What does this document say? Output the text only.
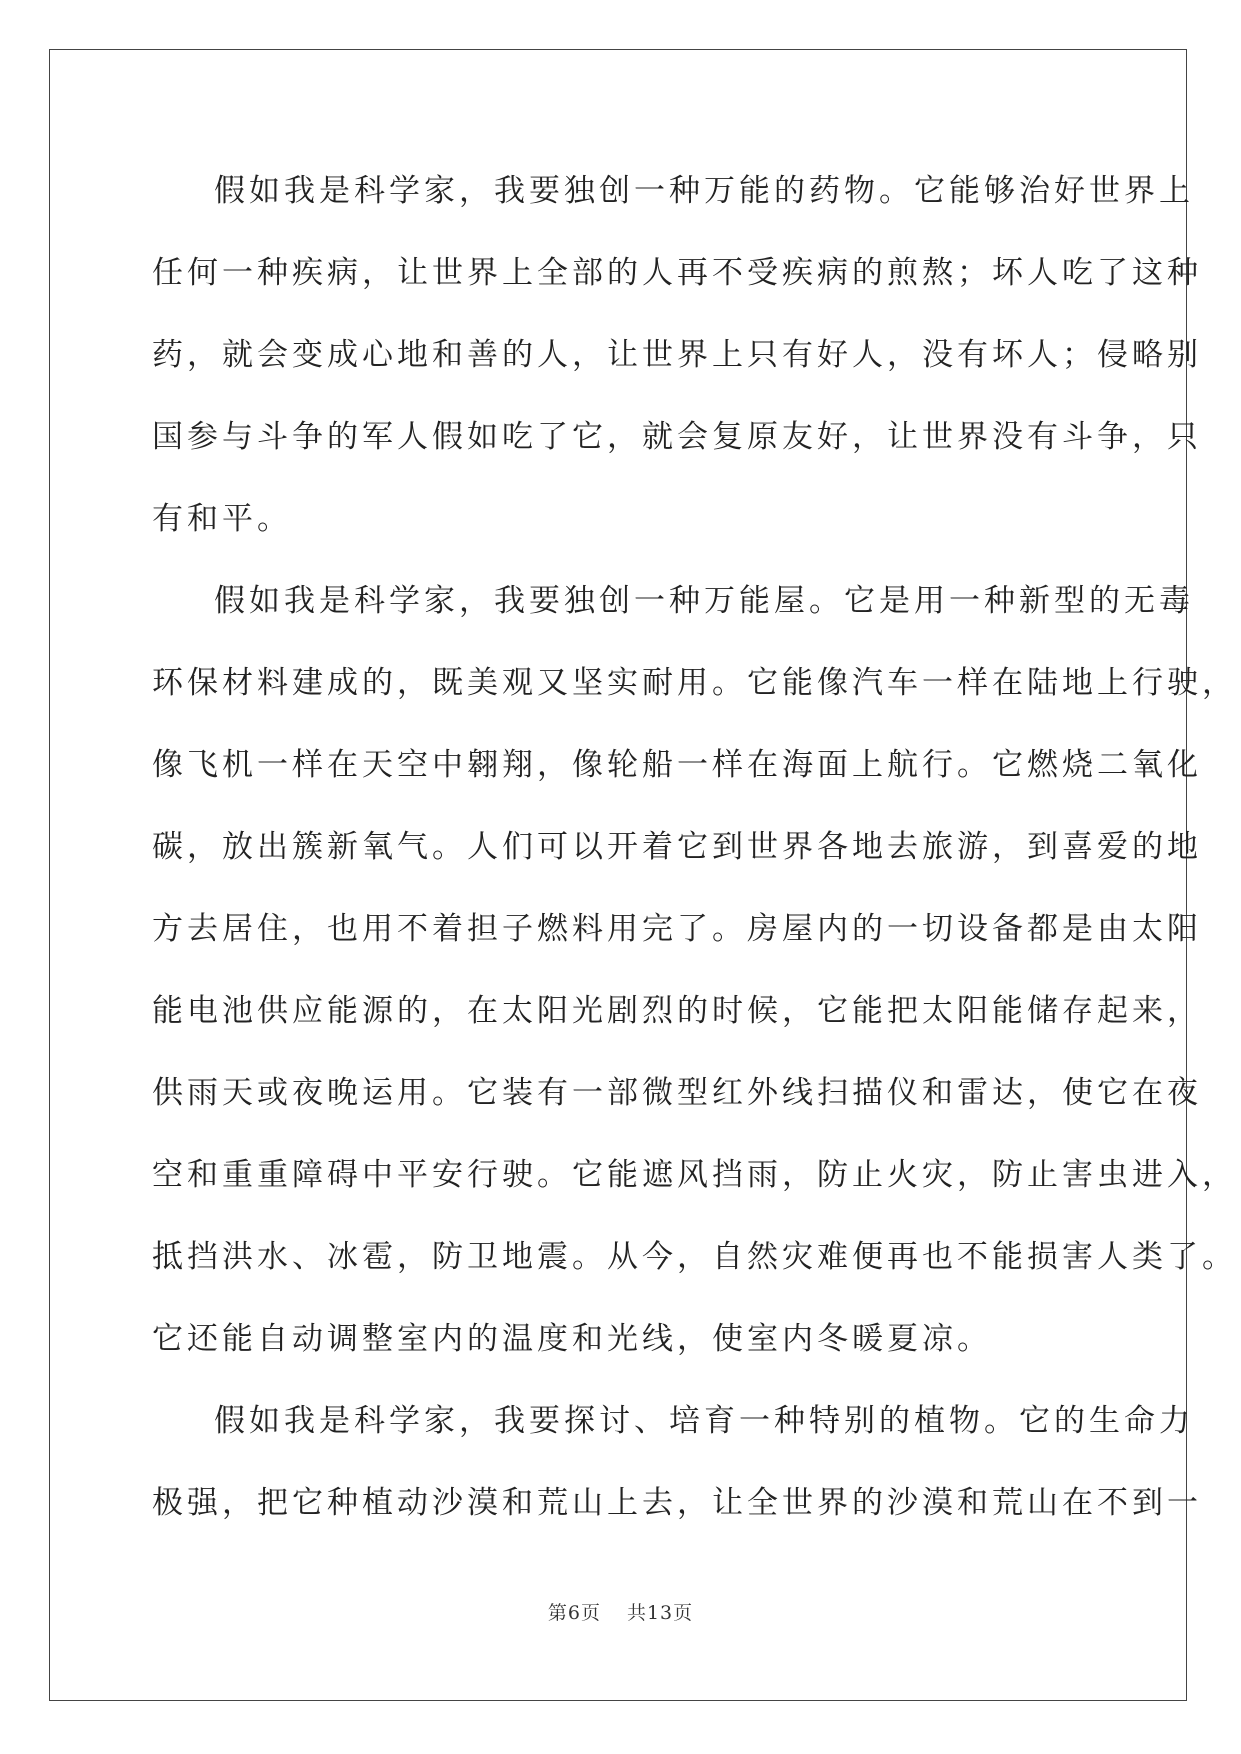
假如我是科学家，我要独创一种万能的药物。它能够治好世界上
任何一种疾病，让世界上全部的人再不受疾病的煎熬；坏人吃了这种
药，就会变成心地和善的人，让世界上只有好人，没有坏人；侵略别
国参与斗争的军人假如吃了它，就会复原友好，让世界没有斗争，只
有和平。
假如我是科学家，我要独创一种万能屋。它是用一种新型的无毒
环保材料建成的，既美观又坚实耐用。它能像汽车一样在陆地上行驶，
像飞机一样在天空中翱翔，像轮船一样在海面上航行。它燃烧二氧化
碳，放出簇新氧气。人们可以开着它到世界各地去旅游，到喜爱的地
方去居住，也用不着担子燃料用完了。房屋内的一切设备都是由太阳
能电池供应能源的，在太阳光剧烈的时候，它能把太阳能储存起来，
供雨天或夜晚运用。它装有一部微型红外线扫描仪和雷达，使它在夜
空和重重障碍中平安行驶。它能遮风挡雨，防止火灾，防止害虫进入，
抵挡洪水、冰雹，防卫地震。从今，自然灾难便再也不能损害人类了。
它还能自动调整室内的温度和光线，使室内冬暖夏凉。
假如我是科学家，我要探讨、培育一种特别的植物。它的生命力
极强，把它种植动沙漠和荒山上去，让全世界的沙漠和荒山在不到一
第6页 共13页
